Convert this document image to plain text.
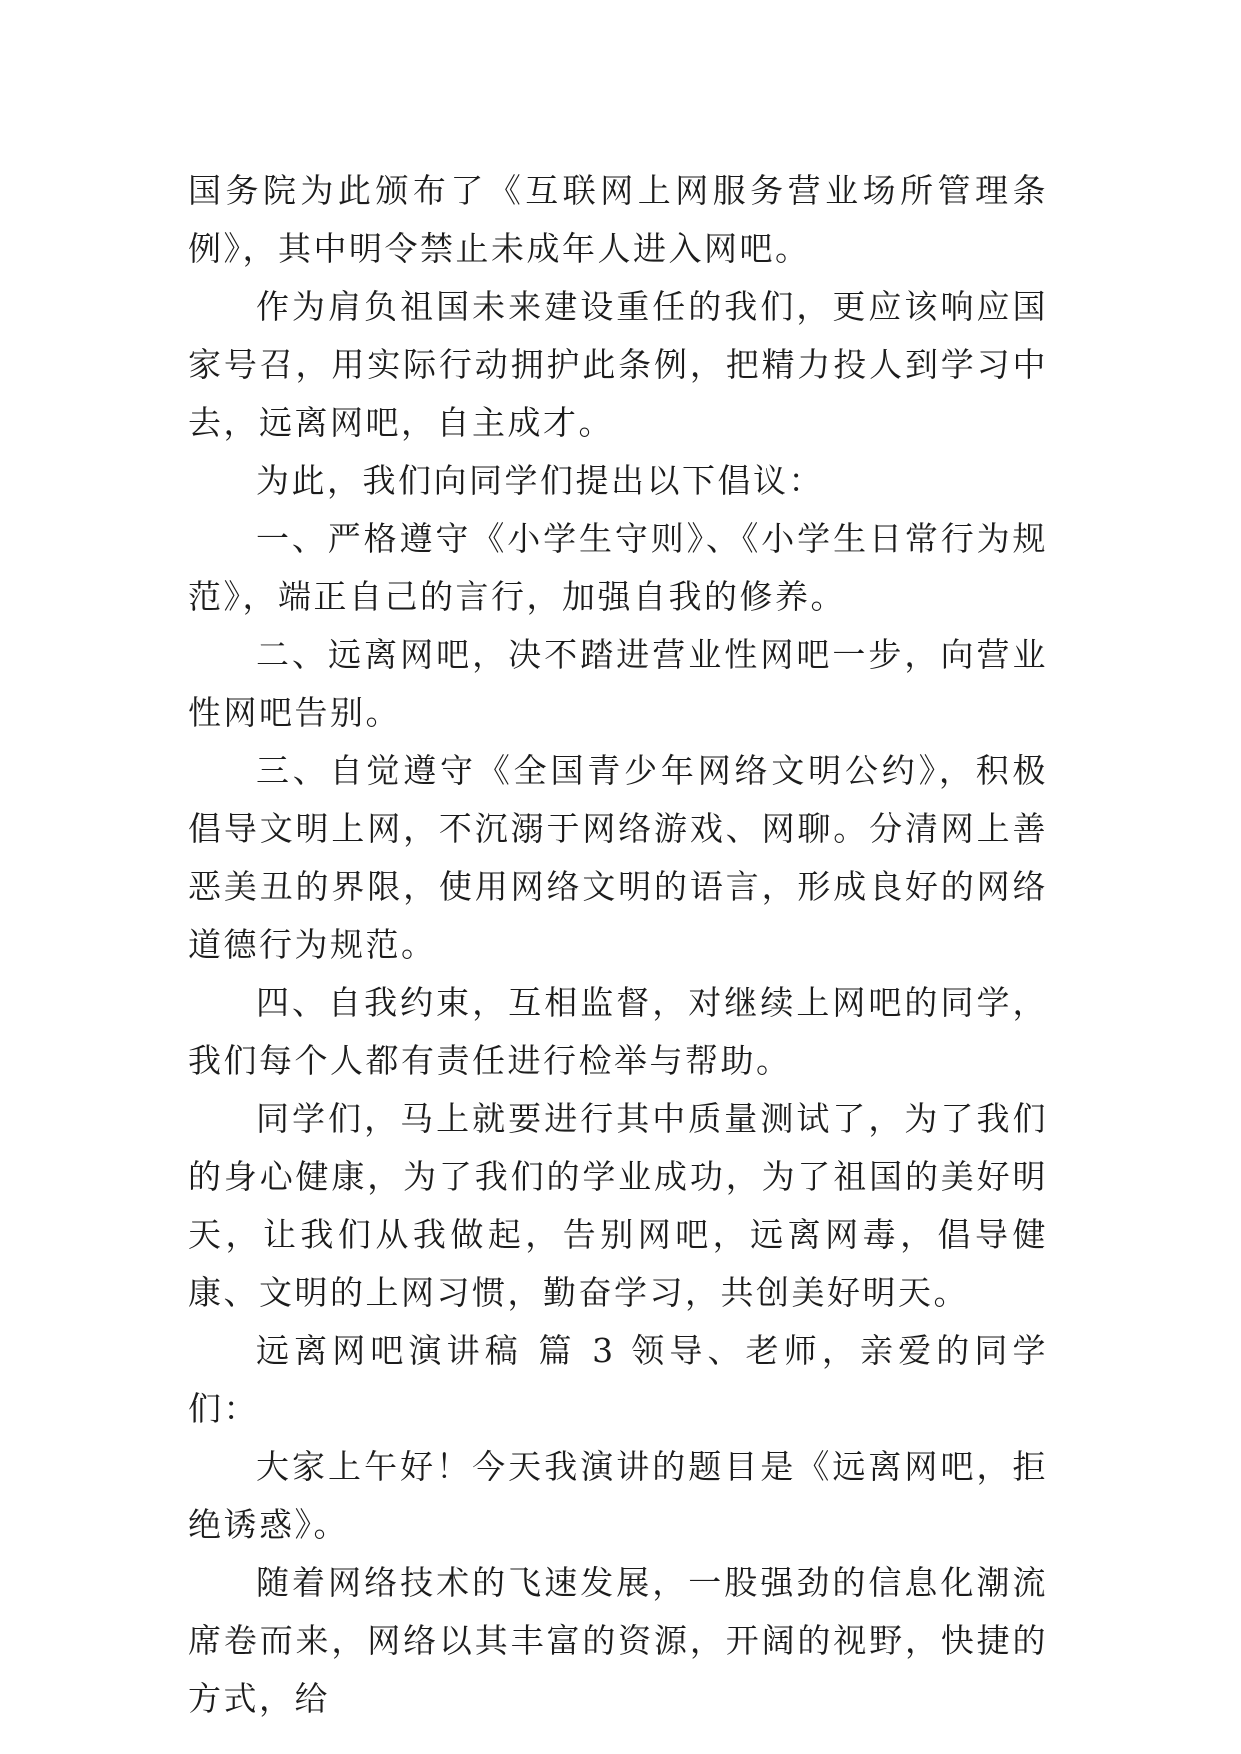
国务院为此颁布了《互联网上网服务营业场所管理条例》，其中明令禁止未成年人进入网吧。

作为肩负祖国未来建设重任的我们，更应该响应国家号召，用实际行动拥护此条例，把精力投人到学习中去，远离网吧，自主成才。

为此，我们向同学们提出以下倡议：

一、严格遵守《小学生守则》、《小学生日常行为规范》，端正自己的言行，加强自我的修养。

二、远离网吧，决不踏进营业性网吧一步，向营业性网吧告别。

三、自觉遵守《全国青少年网络文明公约》，积极倡导文明上网，不沉溺于网络游戏、网聊。分清网上善恶美丑的界限，使用网络文明的语言，形成良好的网络道德行为规范。

四、自我约束，互相监督，对继续上网吧的同学，我们每个人都有责任进行检举与帮助。

同学们，马上就要进行其中质量测试了，为了我们的身心健康，为了我们的学业成功，为了祖国的美好明天，让我们从我做起，告别网吧，远离网毒，倡导健康、文明的上网习惯，勤奋学习，共创美好明天。

远离网吧演讲稿 篇 3 领导、老师，亲爱的同学们：

大家上午好！今天我演讲的题目是《远离网吧，拒绝诱惑》。

随着网络技术的飞速发展，一股强劲的信息化潮流席卷而来，网络以其丰富的资源，开阔的视野，快捷的方式，给
